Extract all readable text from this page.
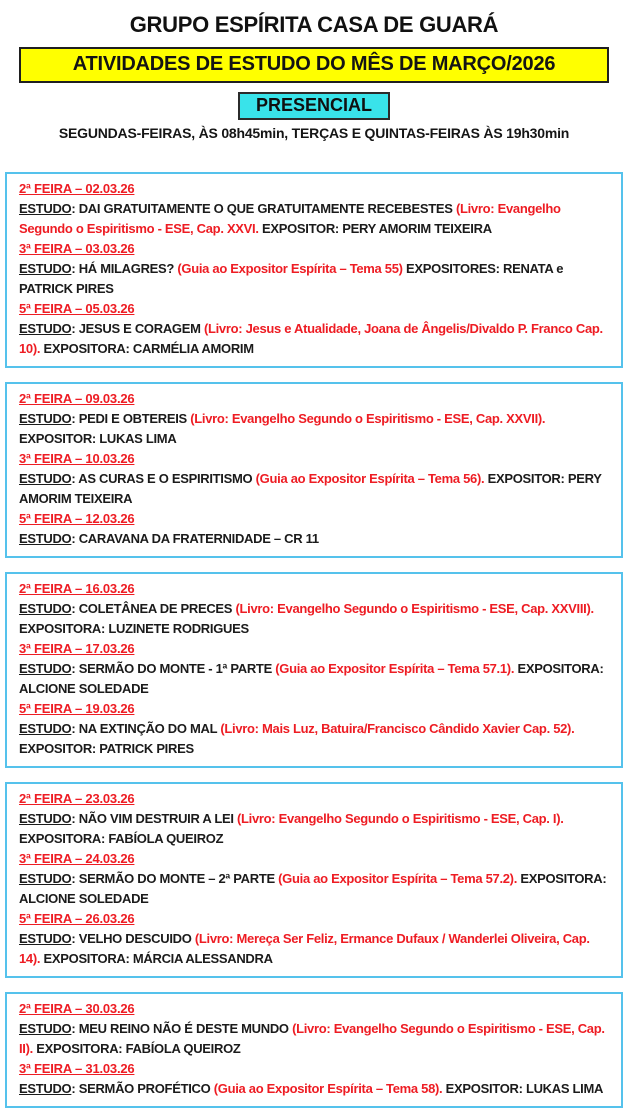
GRUPO ESPÍRITA CASA DE GUARÁ
ATIVIDADES DE ESTUDO DO MÊS DE MARÇO/2026
PRESENCIAL

SEGUNDAS-FEIRAS, ÀS 08h45min, TERÇAS E QUINTAS-FEIRAS ÀS 19h30min

2ª FEIRA – 02.03.26

ESTUDO: DAI GRATUITAMENTE O QUE GRATUITAMENTE RECEBESTES (Livro: Evangelho Segundo o Espiritismo - ESE, Cap. XXVI. EXPOSITOR: PERY AMORIM TEIXEIRA

3ª FEIRA – 03.03.26

ESTUDO: HÁ MILAGRES? (Guia ao Expositor Espírita – Tema 55) EXPOSITORES: RENATA e PATRICK PIRES

5ª FEIRA – 05.03.26

ESTUDO: JESUS E CORAGEM (Livro: Jesus e Atualidade, Joana de Ângelis/Divaldo P. Franco Cap. 10). EXPOSITORA: CARMÉLIA AMORIM

2ª FEIRA – 09.03.26

ESTUDO: PEDI E OBTEREIS (Livro: Evangelho Segundo o Espiritismo - ESE, Cap. XXVII). EXPOSITOR: LUKAS LIMA

3ª FEIRA – 10.03.26

ESTUDO: AS CURAS E O ESPIRITISMO (Guia ao Expositor Espírita – Tema 56). EXPOSITOR: PERY AMORIM TEIXEIRA

5ª FEIRA – 12.03.26

ESTUDO: CARAVANA DA FRATERNIDADE – CR 11

2ª FEIRA – 16.03.26

ESTUDO: COLETÂNEA DE PRECES (Livro: Evangelho Segundo o Espiritismo - ESE, Cap. XXVIII). EXPOSITORA: LUZINETE RODRIGUES

3ª FEIRA – 17.03.26

ESTUDO: SERMÃO DO MONTE - 1ª PARTE (Guia ao Expositor Espírita – Tema 57.1). EXPOSITORA: ALCIONE SOLEDADE

5ª FEIRA – 19.03.26

ESTUDO: NA EXTINÇÃO DO MAL (Livro: Mais Luz, Batuira/Francisco Cândido Xavier Cap. 52). EXPOSITOR: PATRICK PIRES

2ª FEIRA – 23.03.26

ESTUDO: NÃO VIM DESTRUIR A LEI (Livro: Evangelho Segundo o Espiritismo - ESE, Cap. I). EXPOSITORA: FABÍOLA QUEIROZ

3ª FEIRA – 24.03.26

ESTUDO: SERMÃO DO MONTE – 2ª PARTE (Guia ao Expositor Espírita – Tema 57.2). EXPOSITORA: ALCIONE SOLEDADE

5ª FEIRA – 26.03.26

ESTUDO: VELHO DESCUIDO (Livro: Mereça Ser Feliz, Ermance Dufaux / Wanderlei Oliveira, Cap. 14). EXPOSITORA: MÁRCIA ALESSANDRA

2ª FEIRA – 30.03.26

ESTUDO: MEU REINO NÃO É DESTE MUNDO (Livro: Evangelho Segundo o Espiritismo - ESE, Cap. II). EXPOSITORA: FABÍOLA QUEIROZ

3ª FEIRA – 31.03.26

ESTUDO: SERMÃO PROFÉTICO (Guia ao Expositor Espírita – Tema 58). EXPOSITOR: LUKAS LIMA
